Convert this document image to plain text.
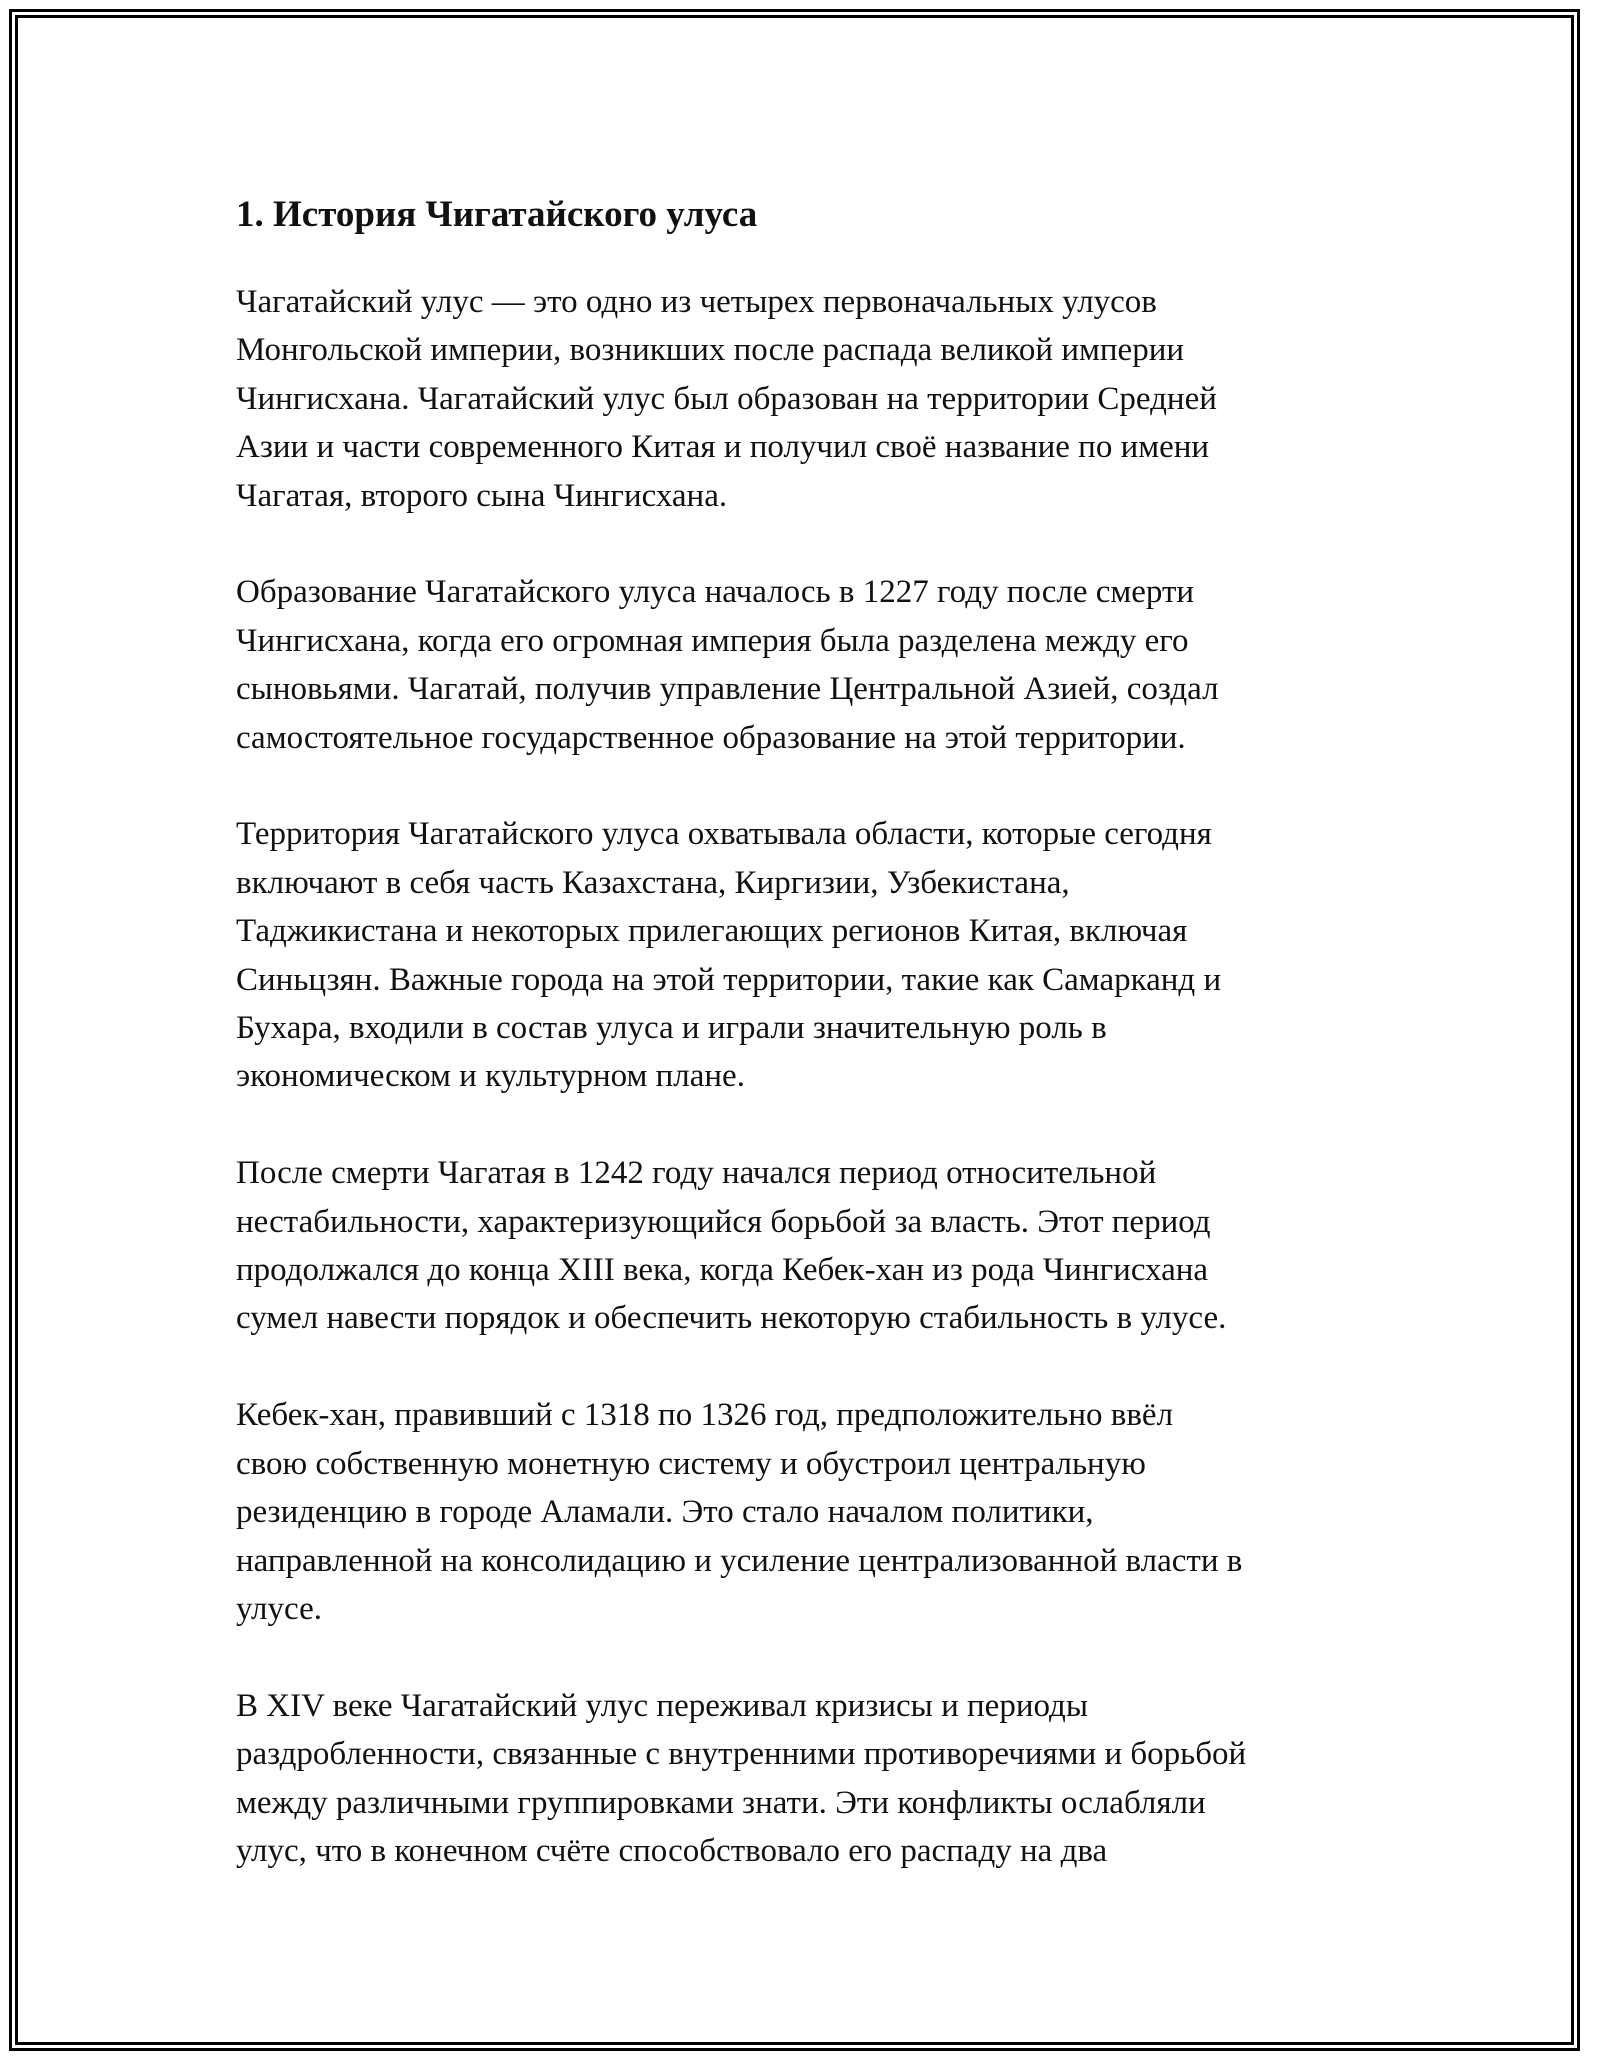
1. История Чигатайского улуса

Чагатайский улус — это одно из четырех первоначальных улусов
Монгольской империи, возникших после распада великой империи
Чингисхана. Чагатайский улус был образован на территории Средней
Азии и части современного Китая и получил своё название по имени
Чагатая, второго сына Чингисхана.

Образование Чагатайского улуса началось в 1227 году после смерти
Чингисхана, когда его огромная империя была разделена между его
сыновьями. Чагатай, получив управление Центральной Азией, создал
самостоятельное государственное образование на этой территории.

Территория Чагатайского улуса охватывала области, которые сегодня
включают в себя часть Казахстана, Киргизии, Узбекистана,
Таджикистана и некоторых прилегающих регионов Китая, включая
Синьцзян. Важные города на этой территории, такие как Самарканд и
Бухара, входили в состав улуса и играли значительную роль в
экономическом и культурном плане.

После смерти Чагатая в 1242 году начался период относительной
нестабильности, характеризующийся борьбой за власть. Этот период
продолжался до конца XIII века, когда Кебек-хан из рода Чингисхана
сумел навести порядок и обеспечить некоторую стабильность в улусе.

Кебек-хан, правивший с 1318 по 1326 год, предположительно ввёл
свою собственную монетную систему и обустроил центральную
резиденцию в городе Аламали. Это стало началом политики,
направленной на консолидацию и усиление централизованной власти в
улусе.

В XIV веке Чагатайский улус переживал кризисы и периоды
раздробленности, связанные с внутренними противоречиями и борьбой
между различными группировками знати. Эти конфликты ослабляли
улус, что в конечном счёте способствовало его распаду на два
